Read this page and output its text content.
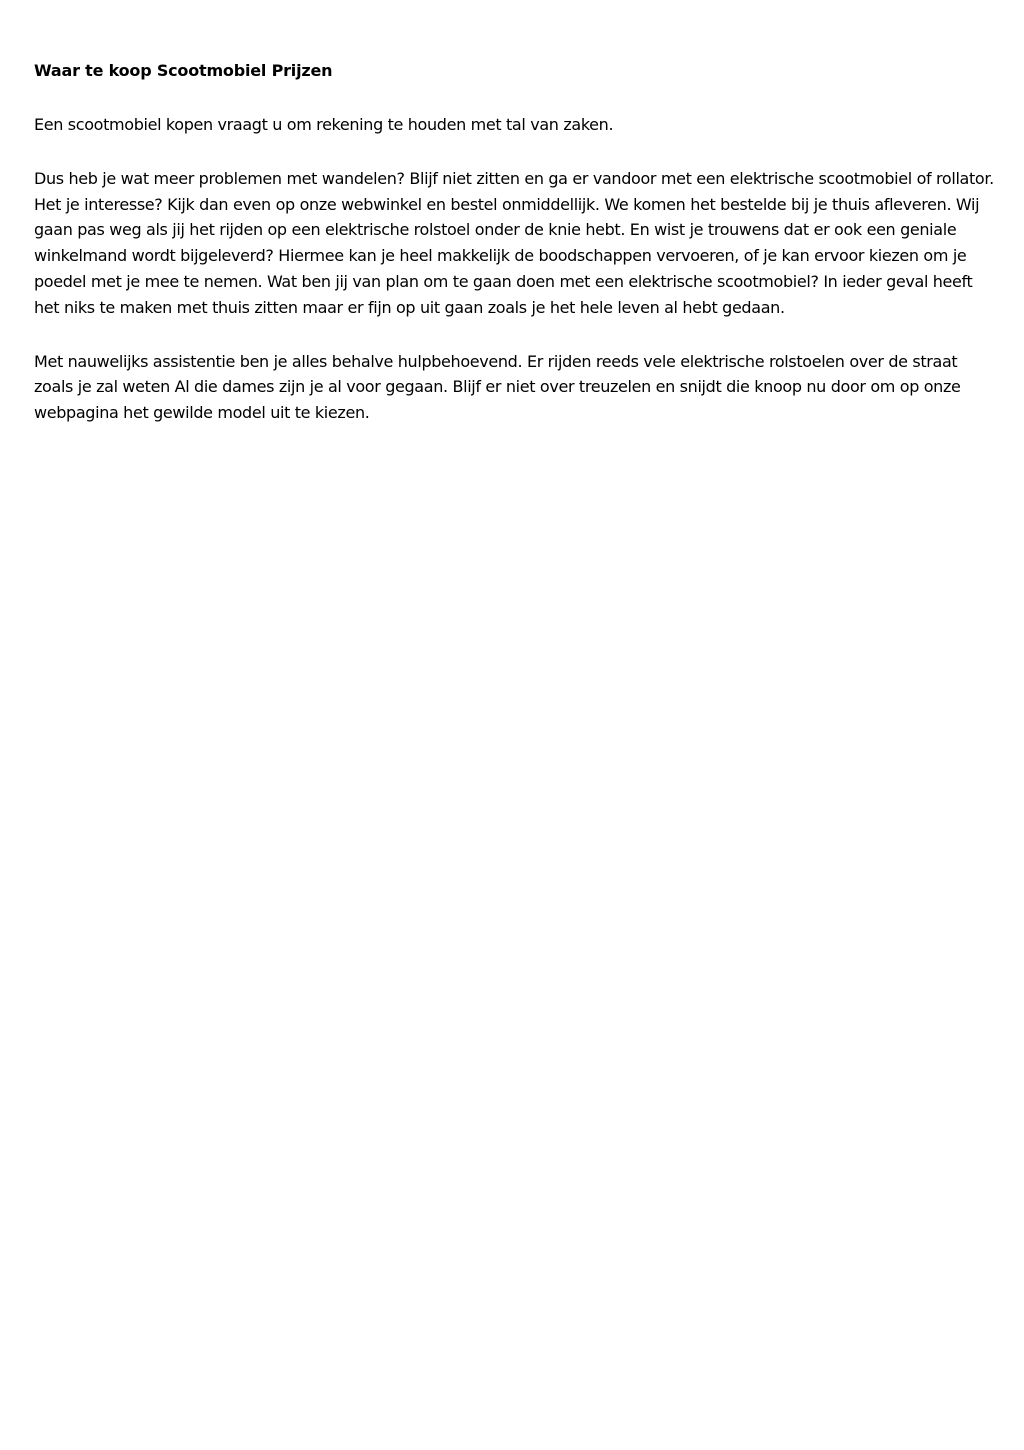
Waar te koop Scootmobiel Prijzen

Een scootmobiel kopen vraagt u om rekening te houden met tal van zaken.

Dus heb je wat meer problemen met wandelen? Blijf niet zitten en ga er vandoor met een elektrische scootmobiel of rollator. Het je interesse? Kijk dan even op onze webwinkel en bestel onmiddellijk. We komen het bestelde bij je thuis afleveren. Wij gaan pas weg als jij het rijden op een elektrische rolstoel onder de knie hebt. En wist je trouwens dat er ook een geniale winkelmand wordt bijgeleverd? Hiermee kan je heel makkelijk de boodschappen vervoeren, of je kan ervoor kiezen om je poedel met je mee te nemen. Wat ben jij van plan om te gaan doen met een elektrische scootmobiel? In ieder geval heeft het niks te maken met thuis zitten maar er fijn op uit gaan zoals je het hele leven al hebt gedaan.

Met nauwelijks assistentie ben je alles behalve hulpbehoevend. Er rijden reeds vele elektrische rolstoelen over de straat zoals je zal weten Al die dames zijn je al voor gegaan. Blijf er niet over treuzelen en snijdt die knoop nu door om op onze webpagina het gewilde model uit te kiezen.
